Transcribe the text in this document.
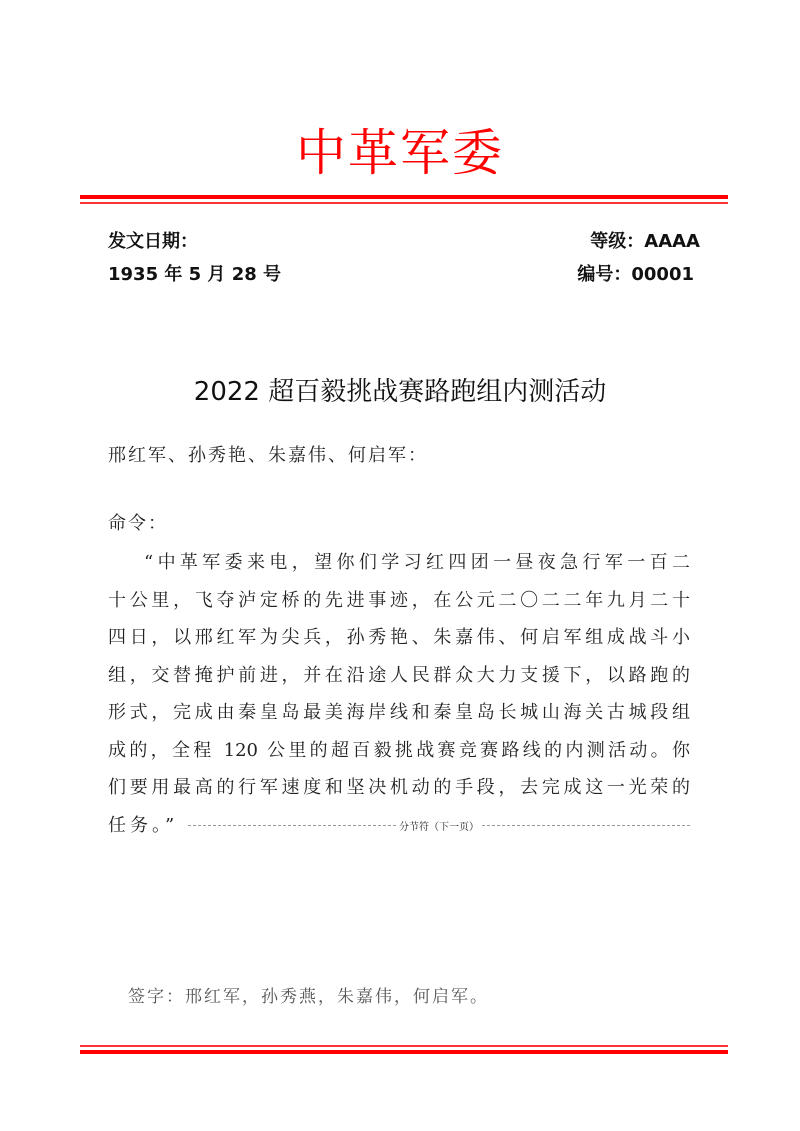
中革军委
发文日期：
1935 年 5 月 28 号
等级：AAAA
编号：00001
2022 超百毅挑战赛路跑组内测活动
邢红军、孙秀艳、朱嘉伟、何启军：
命令：
“中革军委来电，望你们学习红四团一昼夜急行军一百二
十公里，飞夺泸定桥的先进事迹，在公元二〇二二年九月二十
四日，以邢红军为尖兵，孙秀艳、朱嘉伟、何启军组成战斗小
组，交替掩护前进，并在沿途人民群众大力支援下，以路跑的
形式，完成由秦皇岛最美海岸线和秦皇岛长城山海关古城段组
成的，全程 120 公里的超百毅挑战赛竞赛路线的内测活动。你
们要用最高的行军速度和坚决机动的手段，去完成这一光荣的
任务。”	分节符（下一页）
签字：邢红军，孙秀燕，朱嘉伟，何启军。
